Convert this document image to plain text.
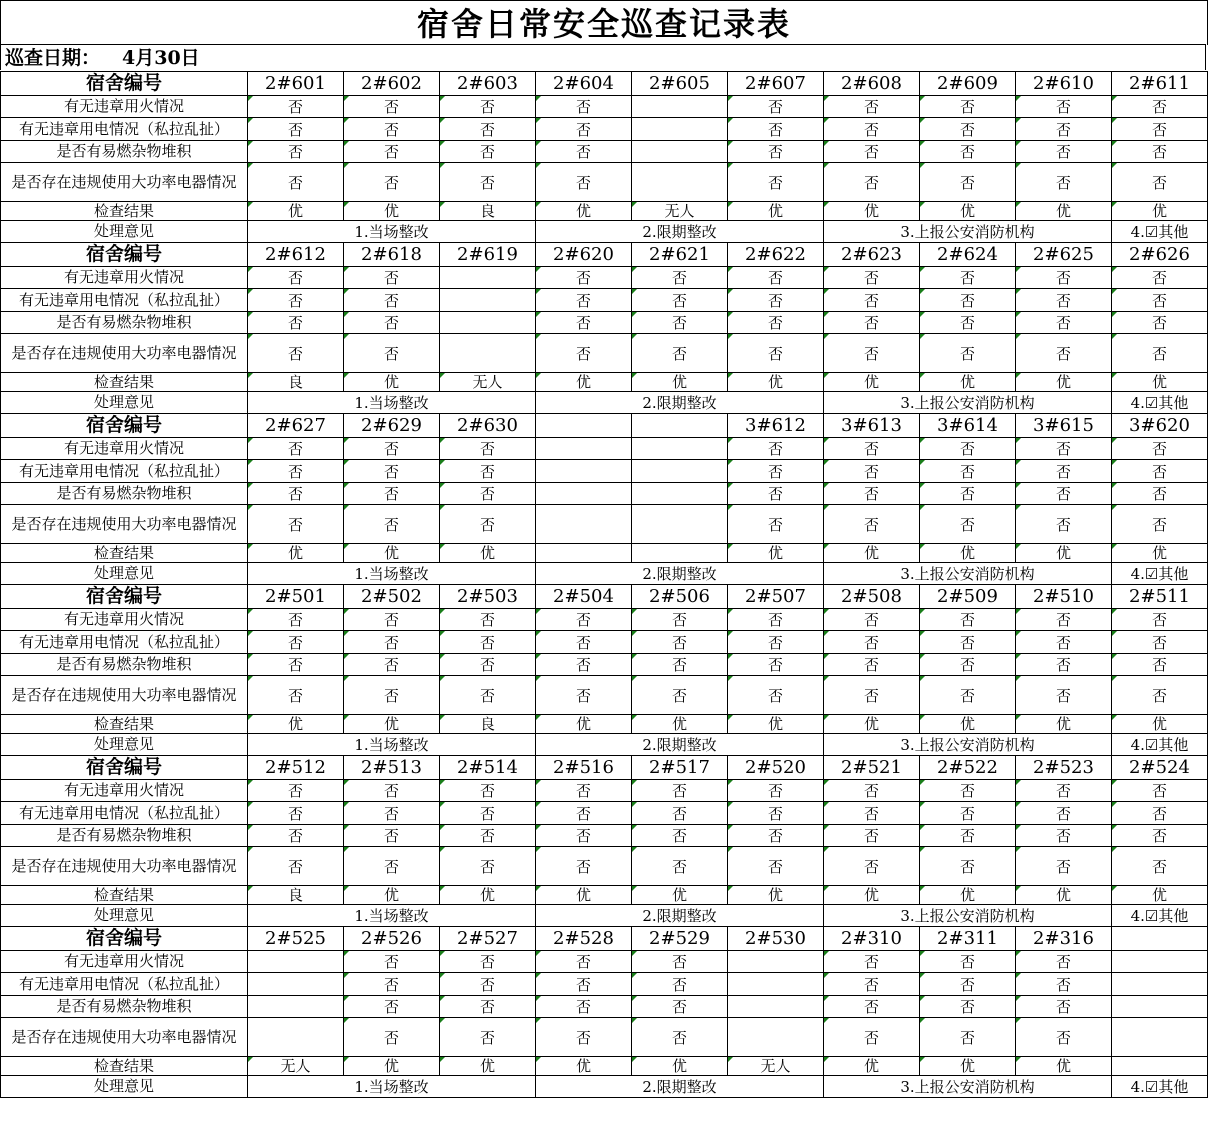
宿舍日常安全巡查记录表
巡查日期： 4月30日
宿舍编号	2#601	2#602	2#603	2#604	2#605	2#607	2#608	2#609	2#610	2#611
有无违章用火情况	否	否	否	否		否	否	否	否	否
有无违章用电情况（私拉乱扯）	否	否	否	否		否	否	否	否	否
是否有易燃杂物堆积	否	否	否	否		否	否	否	否	否
是否存在违规使用大功率电器情况	否	否	否	否		否	否	否	否	否
检查结果	优	优	良	优	无人	优	优	优	优	优
处理意见	1.当场整改			2.限期整改			3.上报公安消防机构			4.☑其他
宿舍编号	2#612	2#618	2#619	2#620	2#621	2#622	2#623	2#624	2#625	2#626
有无违章用火情况	否	否		否	否	否	否	否	否	否
有无违章用电情况（私拉乱扯）	否	否		否	否	否	否	否	否	否
是否有易燃杂物堆积	否	否		否	否	否	否	否	否	否
是否存在违规使用大功率电器情况	否	否		否	否	否	否	否	否	否
检查结果	良	优	无人	优	优	优	优	优	优	优
处理意见	1.当场整改			2.限期整改			3.上报公安消防机构			4.☑其他
宿舍编号	2#627	2#629	2#630			3#612	3#613	3#614	3#615	3#620
有无违章用火情况	否	否	否			否	否	否	否	否
有无违章用电情况（私拉乱扯）	否	否	否			否	否	否	否	否
是否有易燃杂物堆积	否	否	否			否	否	否	否	否
是否存在违规使用大功率电器情况	否	否	否			否	否	否	否	否
检查结果	优	优	优			优	优	优	优	优
处理意见	1.当场整改			2.限期整改			3.上报公安消防机构			4.☑其他
宿舍编号	2#501	2#502	2#503	2#504	2#506	2#507	2#508	2#509	2#510	2#511
有无违章用火情况	否	否	否	否	否	否	否	否	否	否
有无违章用电情况（私拉乱扯）	否	否	否	否	否	否	否	否	否	否
是否有易燃杂物堆积	否	否	否	否	否	否	否	否	否	否
是否存在违规使用大功率电器情况	否	否	否	否	否	否	否	否	否	否
检查结果	优	优	良	优	优	优	优	优	优	优
处理意见	1.当场整改			2.限期整改			3.上报公安消防机构			4.☑其他
宿舍编号	2#512	2#513	2#514	2#516	2#517	2#520	2#521	2#522	2#523	2#524
有无违章用火情况	否	否	否	否	否	否	否	否	否	否
有无违章用电情况（私拉乱扯）	否	否	否	否	否	否	否	否	否	否
是否有易燃杂物堆积	否	否	否	否	否	否	否	否	否	否
是否存在违规使用大功率电器情况	否	否	否	否	否	否	否	否	否	否
检查结果	良	优	优	优	优	优	优	优	优	优
处理意见	1.当场整改			2.限期整改			3.上报公安消防机构			4.☑其他
宿舍编号	2#525	2#526	2#527	2#528	2#529	2#530	2#310	2#311	2#316	
有无违章用火情况		否	否	否	否		否	否	否	
有无违章用电情况（私拉乱扯）		否	否	否	否		否	否	否	
是否有易燃杂物堆积		否	否	否	否		否	否	否	
是否存在违规使用大功率电器情况		否	否	否	否		否	否	否	
检查结果	无人	优	优	优	优	无人	优	优	优	
处理意见	1.当场整改			2.限期整改			3.上报公安消防机构			4.☑其他
